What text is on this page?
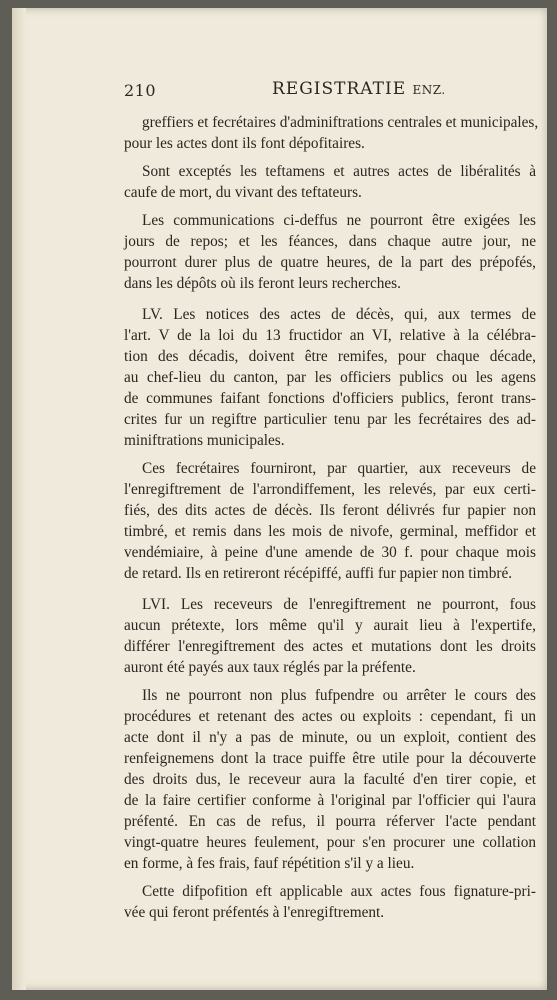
210	REGISTRATIE ENZ.
greffiers et fecrétaires d'adminiftrations centrales et municipales,
pour les actes dont ils font dépofitaires.
Sont exceptés les teftamens et autres actes de libéralités à
caufe de mort, du vivant des teftateurs.
Les communications ci-deffus ne pourront être exigées les
jours de repos; et les féances, dans chaque autre jour, ne
pourront durer plus de quatre heures, de la part des prépofés,
dans les dépôts où ils feront leurs recherches.
LV. Les notices des actes de décès, qui, aux termes de
l'art. V de la loi du 13 fructidor an VI, relative à la célébra-
tion des décadis, doivent être remifes, pour chaque décade,
au chef-lieu du canton, par les officiers publics ou les agens
de communes faifant fonctions d'officiers publics, feront trans-
crites fur un regiftre particulier tenu par les fecrétaires des ad-
miniftrations municipales.
Ces fecrétaires fourniront, par quartier, aux receveurs de
l'enregiftrement de l'arrondiffement, les relevés, par eux certi-
fiés, des dits actes de décès. Ils feront délivrés fur papier non
timbré, et remis dans les mois de nivofe, germinal, meffidor et
vendémiaire, à peine d'une amende de 30 f. pour chaque mois
de retard. Ils en retireront récépiffé, auffi fur papier non timbré.
LVI. Les receveurs de l'enregiftrement ne pourront, fous
aucun prétexte, lors même qu'il y aurait lieu à l'expertife,
différer l'enregiftrement des actes et mutations dont les droits
auront été payés aux taux réglés par la préfente.
Ils ne pourront non plus fufpendre ou arrêter le cours des
procédures et retenant des actes ou exploits : cependant, fi un
acte dont il n'y a pas de minute, ou un exploit, contient des
renfeignemens dont la trace puiffe être utile pour la découverte
des droits dus, le receveur aura la faculté d'en tirer copie, et
de la faire certifier conforme à l'original par l'officier qui l'aura
préfenté. En cas de refus, il pourra réferver l'acte pendant
vingt-quatre heures feulement, pour s'en procurer une collation
en forme, à fes frais, fauf répétition s'il y a lieu.
Cette difpofition eft applicable aux actes fous fignature-pri-
vée qui feront préfentés à l'enregiftrement.
